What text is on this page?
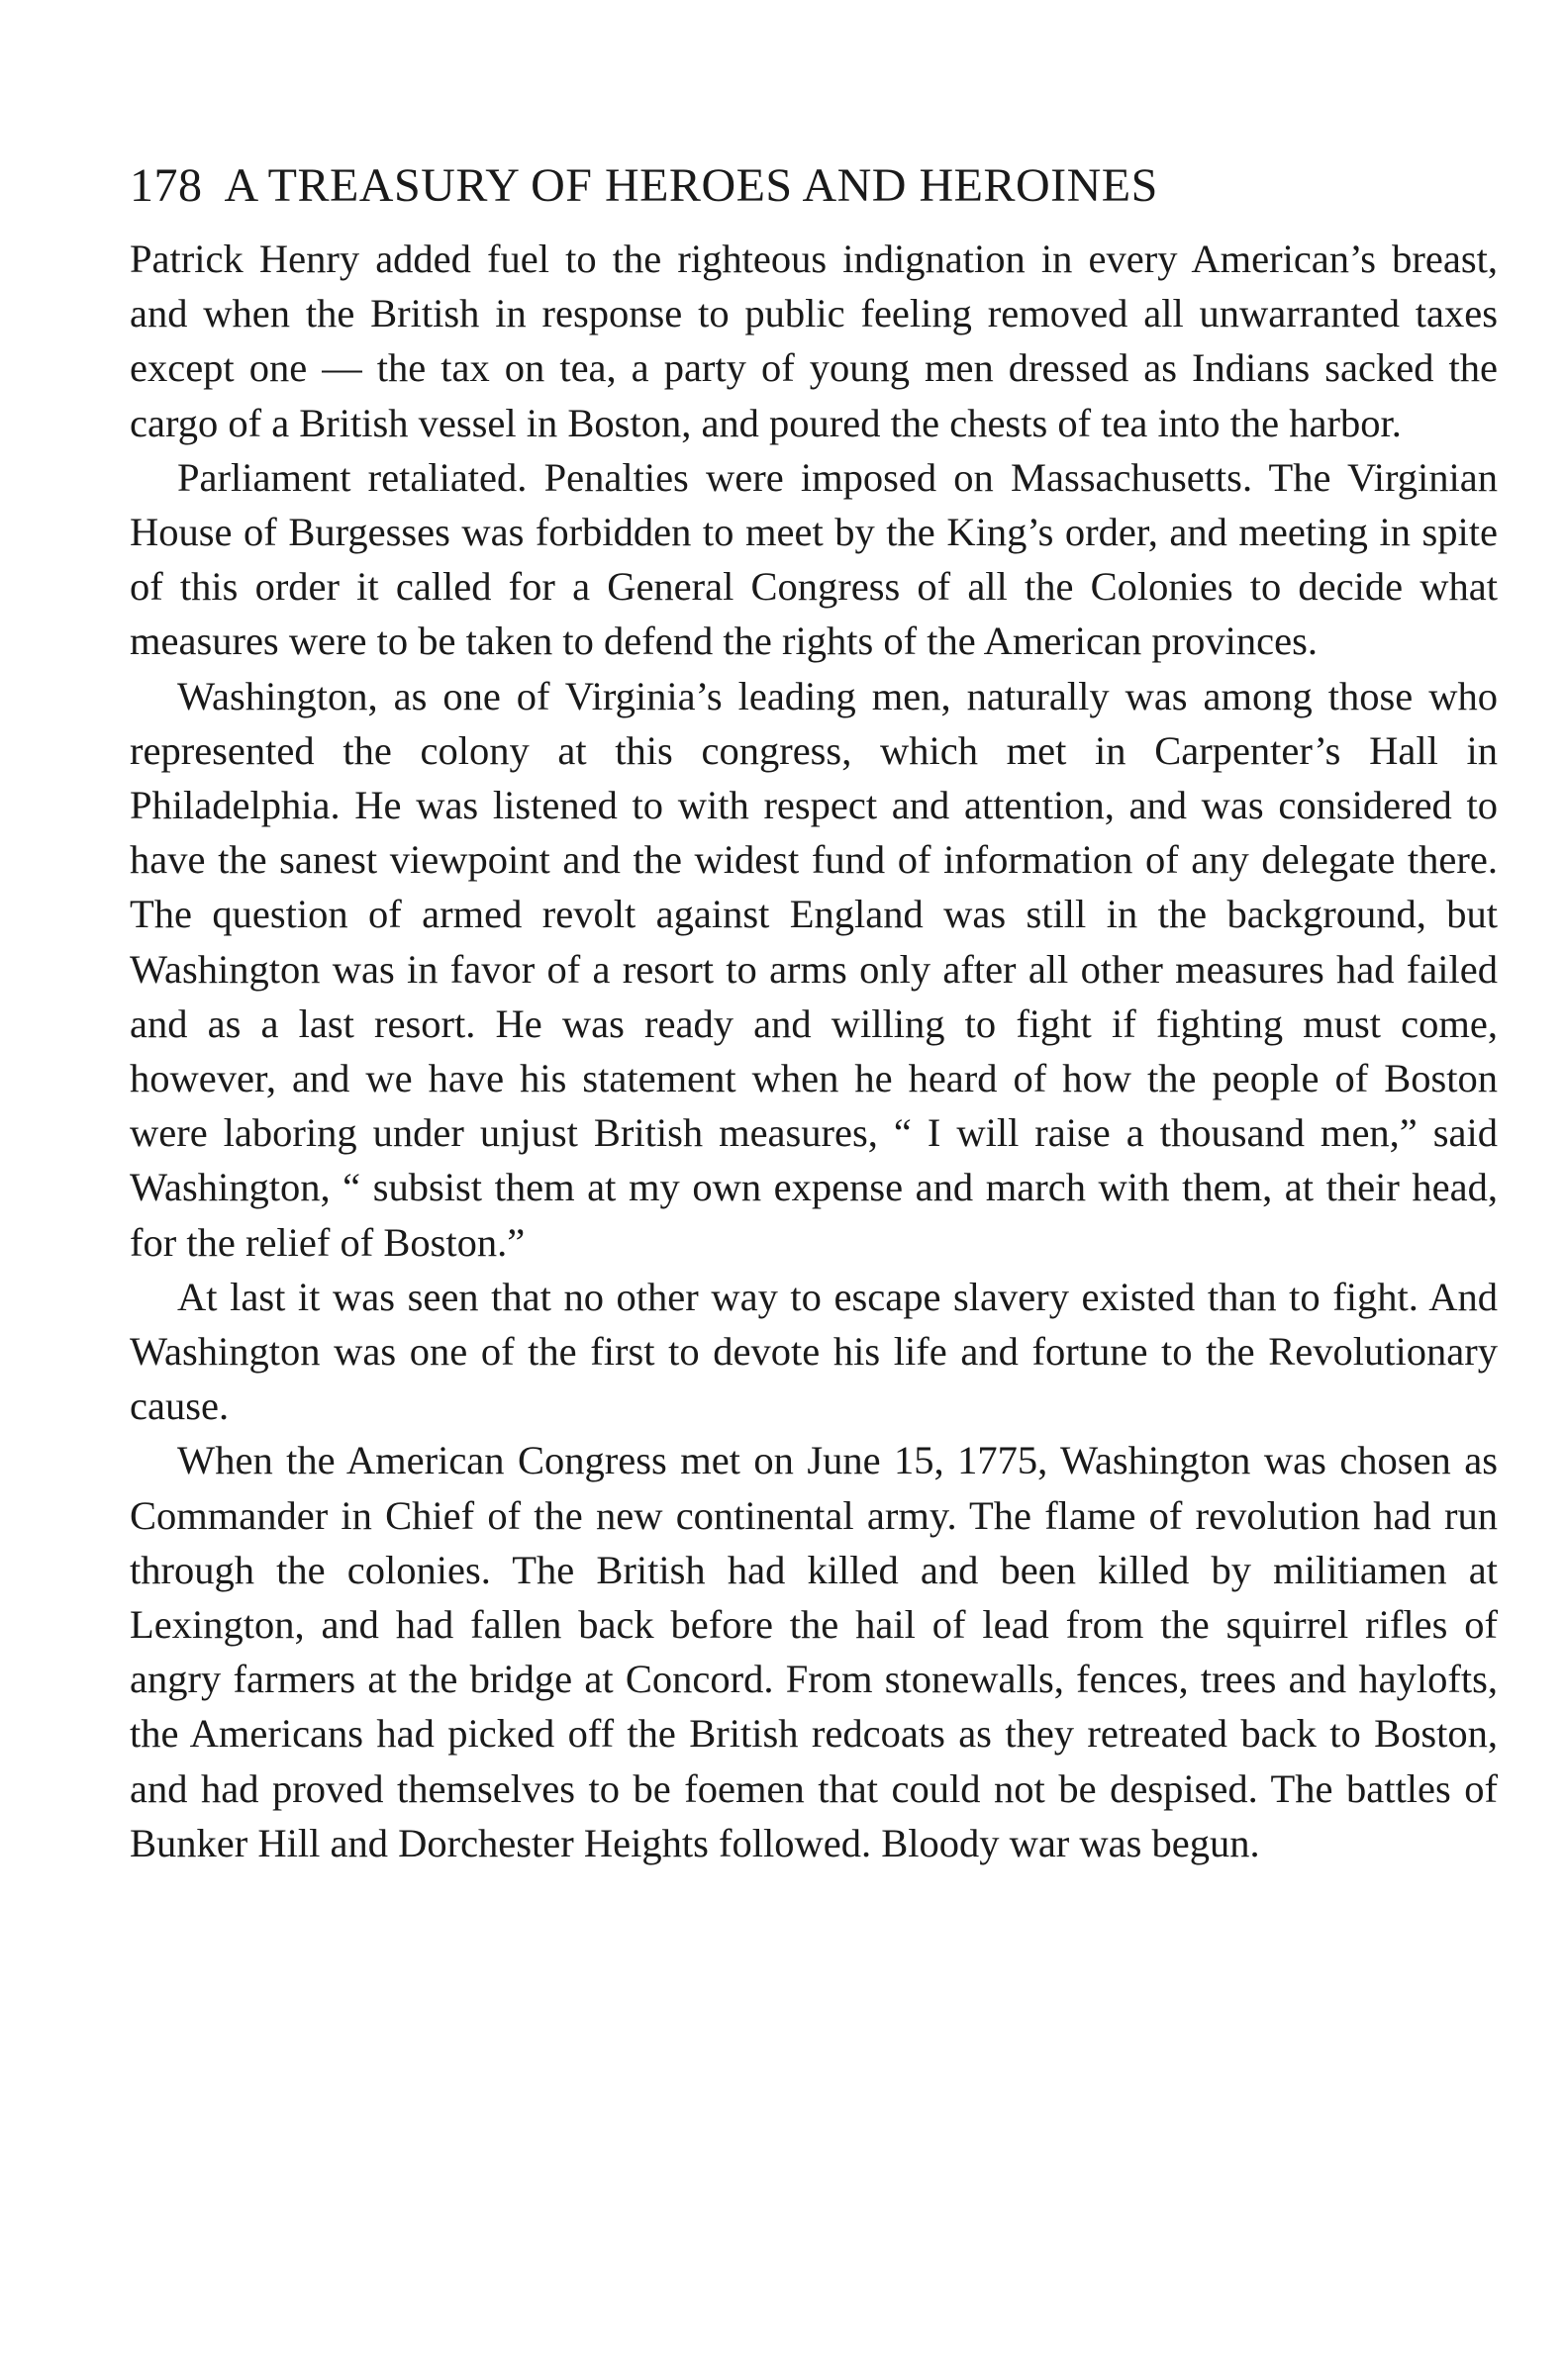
178 A TREASURY OF HEROES AND HEROINES

Patrick Henry added fuel to the righteous indignation in every American’s breast, and when the British in response to public feeling removed all unwarranted taxes except one — the tax on tea, a party of young men dressed as Indians sacked the cargo of a British vessel in Boston, and poured the chests of tea into the harbor.

Parliament retaliated. Penalties were imposed on Massachusetts. The Virginian House of Burgesses was forbidden to meet by the King’s order, and meeting in spite of this order it called for a General Congress of all the Colonies to decide what measures were to be taken to defend the rights of the American provinces.

Washington, as one of Virginia’s leading men, naturally was among those who represented the colony at this congress, which met in Carpenter’s Hall in Philadelphia. He was listened to with respect and attention, and was considered to have the sanest viewpoint and the widest fund of information of any delegate there. The question of armed revolt against England was still in the background, but Washington was in favor of a resort to arms only after all other measures had failed and as a last resort. He was ready and willing to fight if fighting must come, however, and we have his statement when he heard of how the people of Boston were laboring under unjust British measures, “ I will raise a thousand men,” said Washington, “ subsist them at my own expense and march with them, at their head, for the relief of Boston.”

At last it was seen that no other way to escape slavery existed than to fight. And Washington was one of the first to devote his life and fortune to the Revolutionary cause.

When the American Congress met on June 15, 1775, Washington was chosen as Commander in Chief of the new continental army. The flame of revolution had run through the colonies. The British had killed and been killed by militiamen at Lexington, and had fallen back before the hail of lead from the squirrel rifles of angry farmers at the bridge at Concord. From stonewalls, fences, trees and haylofts, the Americans had picked off the British redcoats as they retreated back to Boston, and had proved themselves to be foemen that could not be despised. The battles of Bunker Hill and Dorchester Heights followed. Bloody war was begun.
